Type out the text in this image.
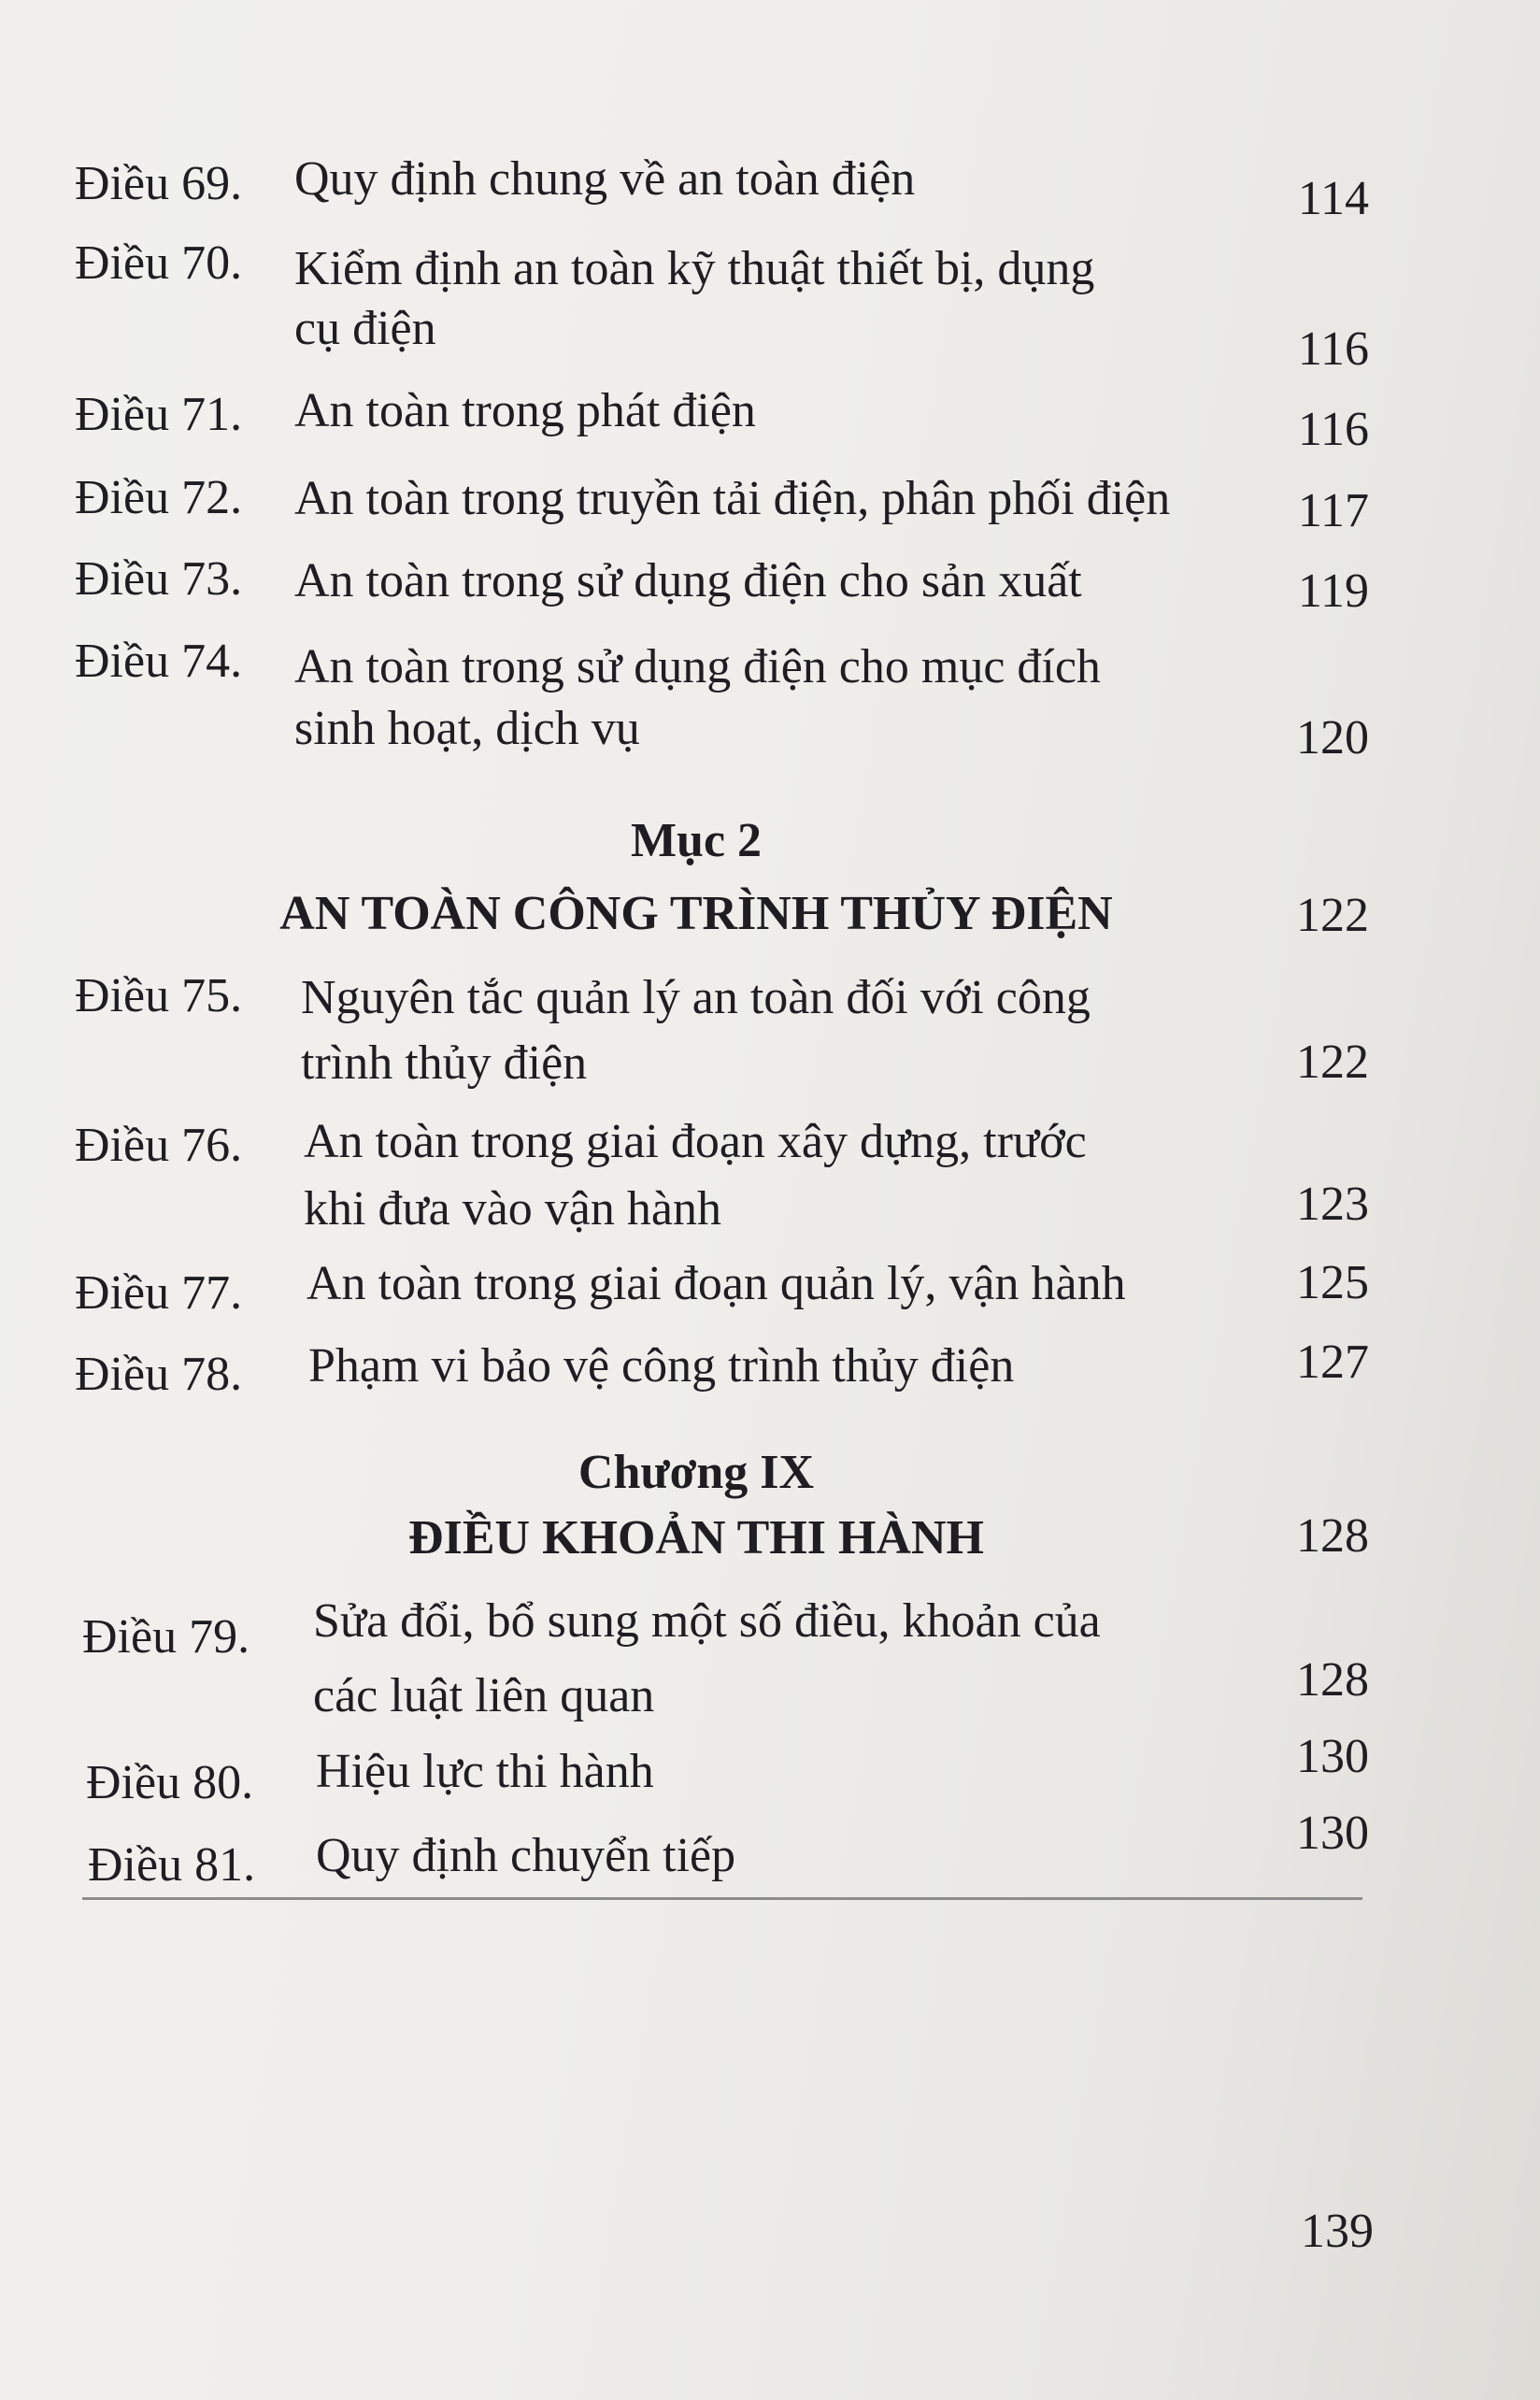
Điều 69. Quy định chung về an toàn điện	114
Điều 70. Kiểm định an toàn kỹ thuật thiết bị, dụng
cụ điện	116
Điều 71. An toàn trong phát điện	116
Điều 72. An toàn trong truyền tải điện, phân phối điện	117
Điều 73. An toàn trong sử dụng điện cho sản xuất	119
Điều 74. An toàn trong sử dụng điện cho mục đích
sinh hoạt, dịch vụ	120
Mục 2
AN TOÀN CÔNG TRÌNH THỦY ĐIỆN	122
Điều 75. Nguyên tắc quản lý an toàn đối với công
trình thủy điện	122
Điều 76. An toàn trong giai đoạn xây dựng, trước
khi đưa vào vận hành	123
Điều 77. An toàn trong giai đoạn quản lý, vận hành	125
Điều 78. Phạm vi bảo vệ công trình thủy điện	127
Chương IX
ĐIỀU KHOẢN THI HÀNH	128
Điều 79. Sửa đổi, bổ sung một số điều, khoản của
các luật liên quan	128
Điều 80. Hiệu lực thi hành	130
Điều 81. Quy định chuyển tiếp	130
139
